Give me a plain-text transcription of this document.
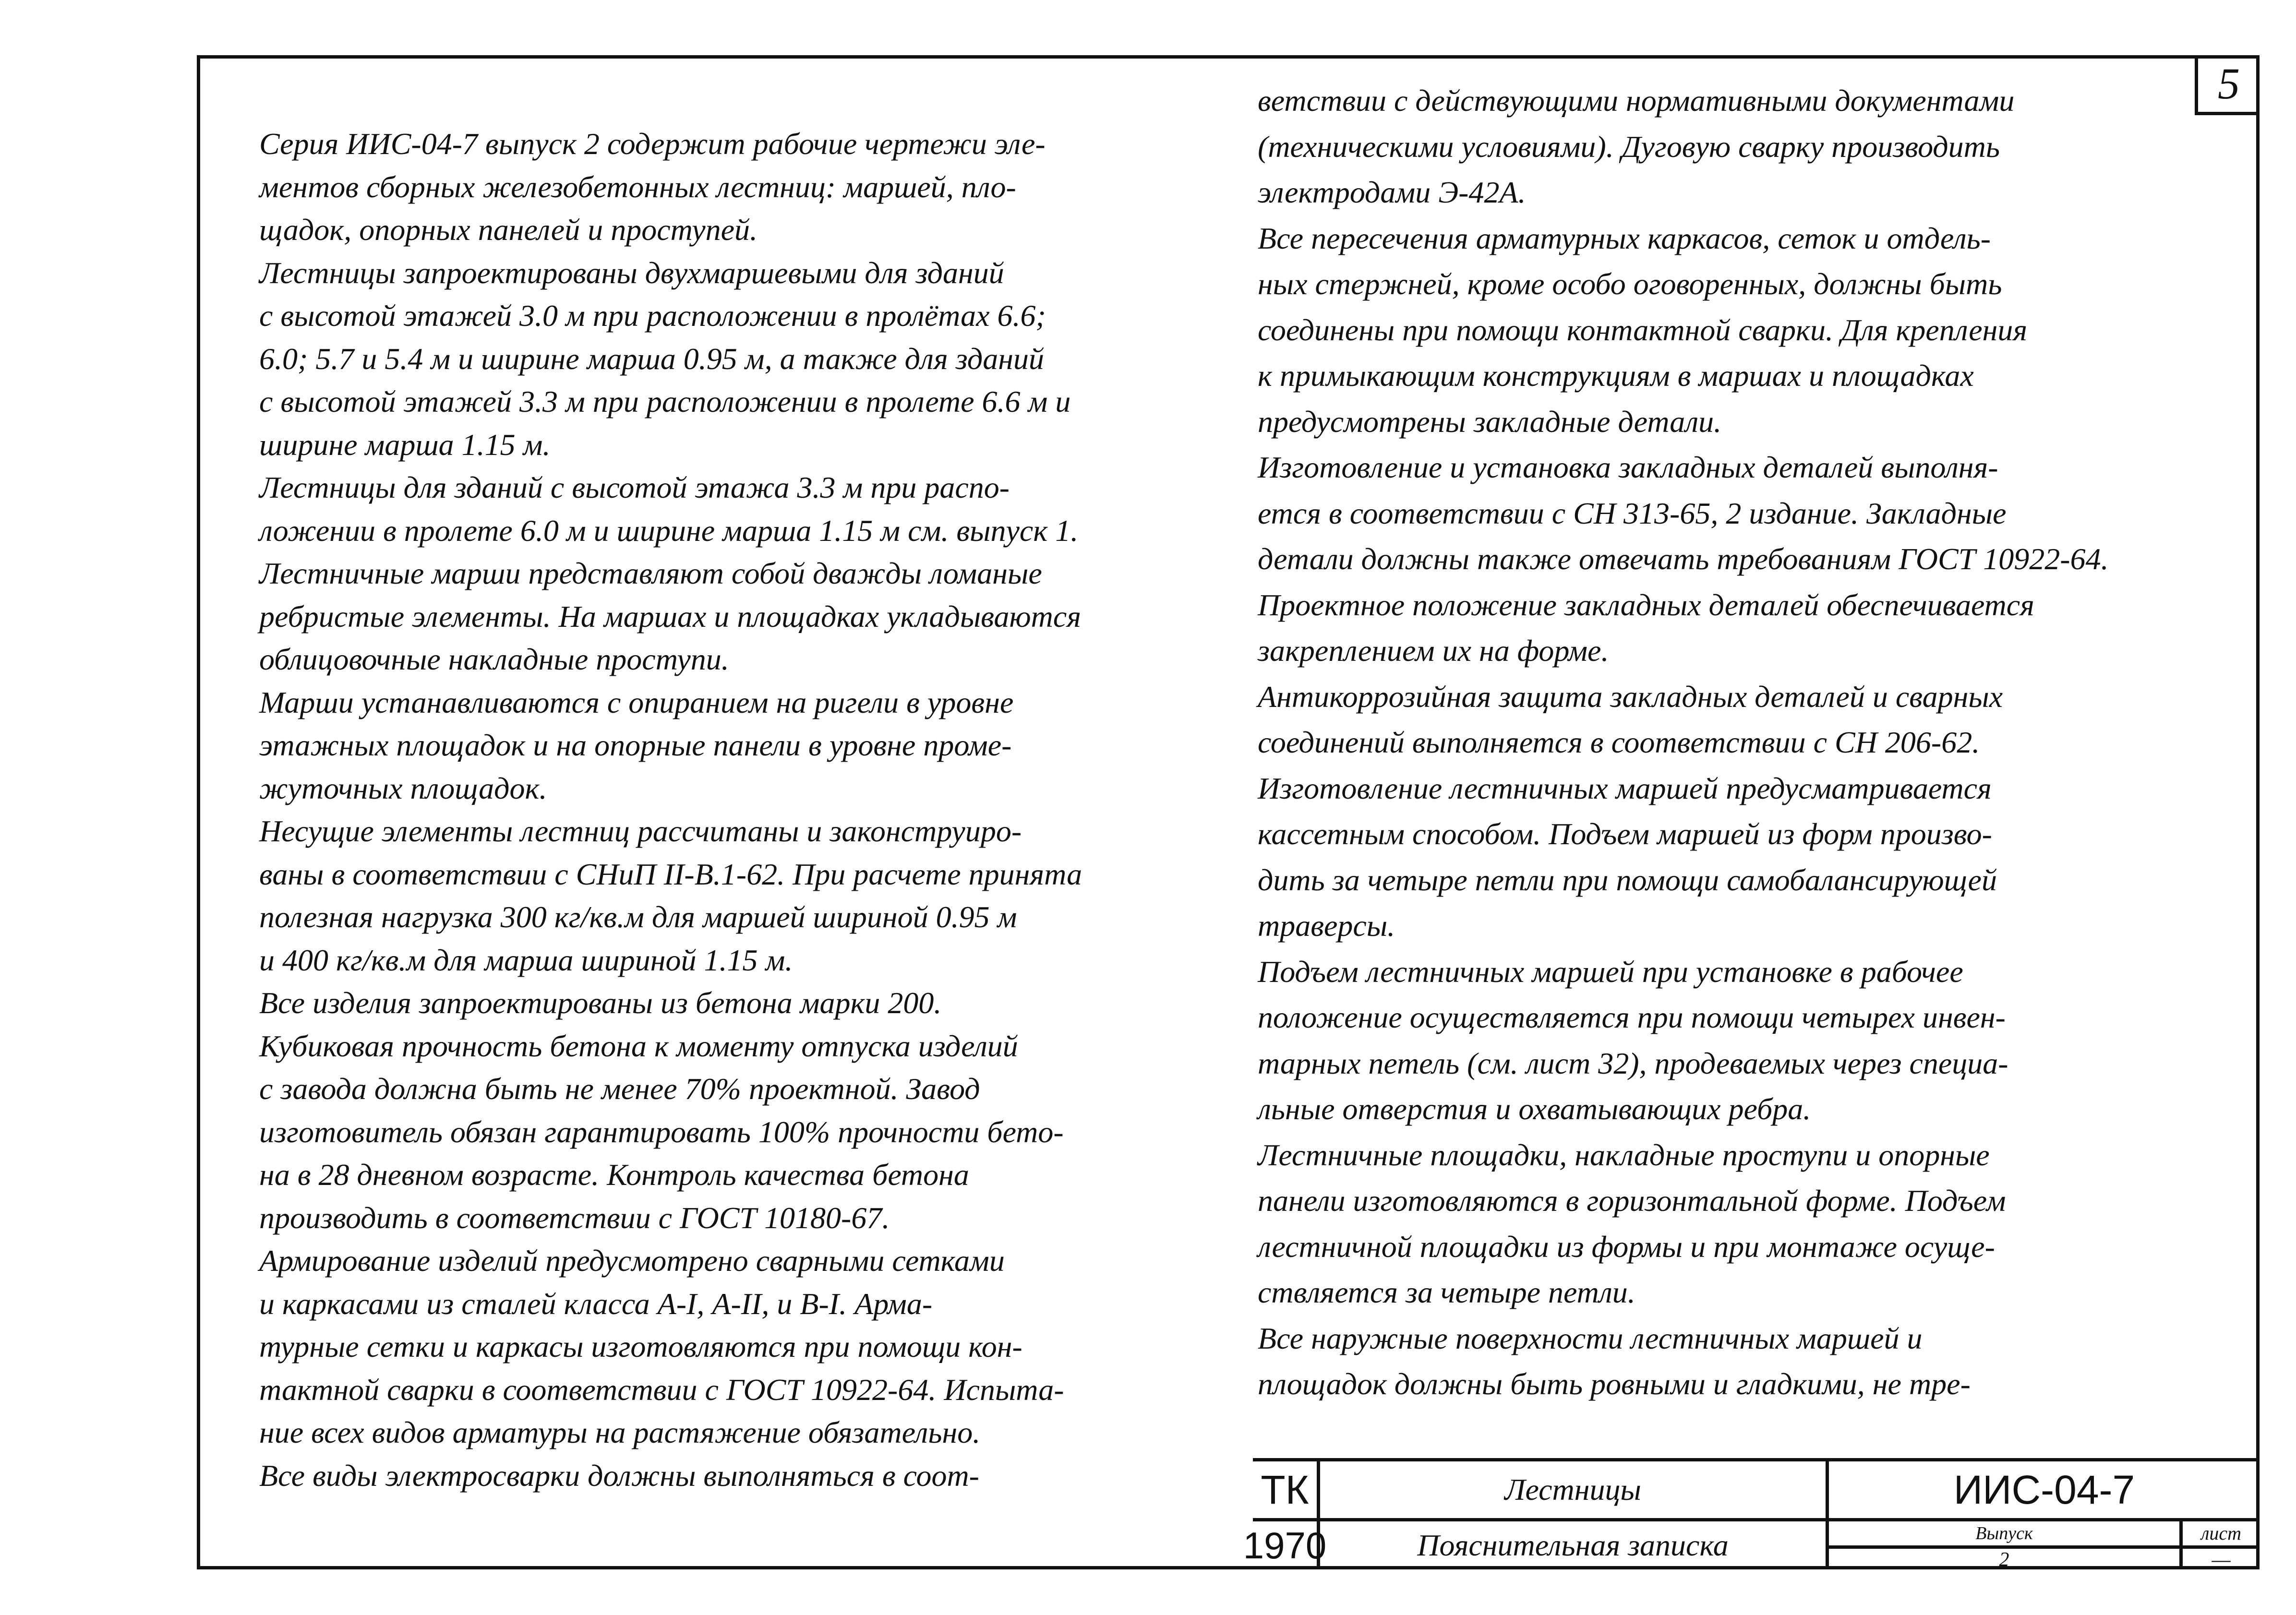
5
Серия ИИС-04-7 выпуск 2 содержит рабочие чертежи эле-
ментов сборных железобетонных лестниц: маршей, пло-
щадок, опорных панелей и проступей.
Лестницы запроектированы двухмаршевыми для зданий
с высотой этажей 3.0 м при расположении в пролётах 6.6;
6.0; 5.7 и 5.4 м и ширине марша 0.95 м, а также для зданий
с высотой этажей 3.3 м при расположении в пролете 6.6 м и
ширине марша 1.15 м.
Лестницы для зданий с высотой этажа 3.3 м при распо-
ложении в пролете 6.0 м и ширине марша 1.15 м см. выпуск 1.
Лестничные марши представляют собой дважды ломаные
ребристые элементы. На маршах и площадках укладываются
облицовочные накладные проступи.
Марши устанавливаются с опиранием на ригели в уровне
этажных площадок и на опорные панели в уровне проме-
жуточных площадок.
Несущие элементы лестниц рассчитаны и законструиро-
ваны в соответствии с СНиП II-В.1-62. При расчете принята
полезная нагрузка 300 кг/кв.м для маршей шириной 0.95 м
и 400 кг/кв.м для марша шириной 1.15 м.
Все изделия запроектированы из бетона марки 200.
Кубиковая прочность бетона к моменту отпуска изделий
с завода должна быть не менее 70% проектной. Завод
изготовитель обязан гарантировать 100% прочности бето-
на в 28 дневном возрасте. Контроль качества бетона
производить в соответствии с ГОСТ 10180-67.
Армирование изделий предусмотрено сварными сетками
и каркасами из сталей класса А-I, А-II, и В-I. Арма-
турные сетки и каркасы изготовляются при помощи кон-
тактной сварки в соответствии с ГОСТ 10922-64. Испыта-
ние всех видов арматуры на растяжение обязательно.
Все виды электросварки должны выполняться в соот-
ветствии с действующими нормативными документами
(техническими условиями). Дуговую сварку производить
электродами Э-42А.
Все пересечения арматурных каркасов, сеток и отдель-
ных стержней, кроме особо оговоренных, должны быть
соединены при помощи контактной сварки. Для крепления
к примыкающим конструкциям в маршах и площадках
предусмотрены закладные детали.
Изготовление и установка закладных деталей выполня-
ется в соответствии с СН 313-65, 2 издание. Закладные
детали должны также отвечать требованиям ГОСТ 10922-64.
Проектное положение закладных деталей обеспечивается
закреплением их на форме.
Антикоррозийная защита закладных деталей и сварных
соединений выполняется в соответствии с СН 206-62.
Изготовление лестничных маршей предусматривается
кассетным способом. Подъем маршей из форм произво-
дить за четыре петли при помощи самобалансирующей
траверсы.
Подъем лестничных маршей при установке в рабочее
положение осуществляется при помощи четырех инвен-
тарных петель (см. лист 32), продеваемых через специа-
льные отверстия и охватывающих ребра.
Лестничные площадки, накладные проступи и опорные
панели изготовляются в горизонтальной форме. Подъем
лестничной площадки из формы и при монтаже осуще-
ствляется за четыре петли.
Все наружные поверхности лестничных маршей и
площадок должны быть ровными и гладкими, не тре-
ТК
1970
Лестницы
Пояснительная записка
ИИС-04-7
Выпуск
2
лист
—
